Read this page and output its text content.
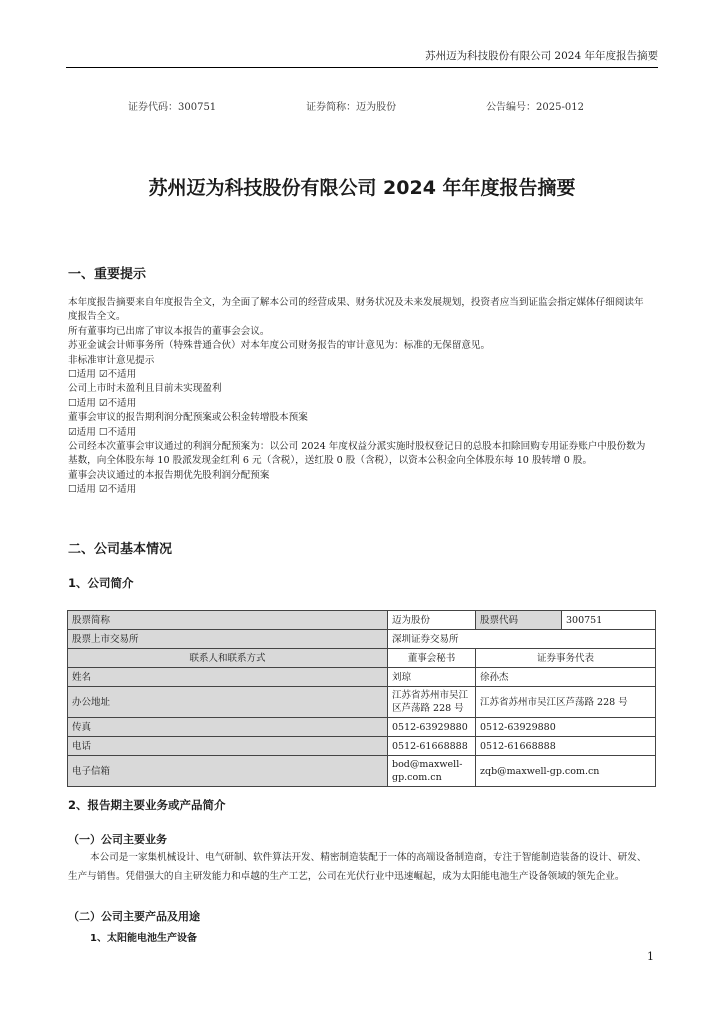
苏州迈为科技股份有限公司 2024 年年度报告摘要
证券代码：300751	证券简称：迈为股份	公告编号：2025-012
苏州迈为科技股份有限公司 2024 年年度报告摘要
一、重要提示

本年度报告摘要来自年度报告全文，为全面了解本公司的经营成果、财务状况及未来发展规划，投资者应当到证监会指定媒体仔细阅读年度报告全文。

所有董事均已出席了审议本报告的董事会会议。

苏亚金诚会计师事务所（特殊普通合伙）对本年度公司财务报告的审计意见为：标准的无保留意见。

非标准审计意见提示

☐适用 ☑不适用

公司上市时未盈利且目前未实现盈利

☐适用 ☑不适用

董事会审议的报告期利润分配预案或公积金转增股本预案

☑适用 ☐不适用

公司经本次董事会审议通过的利润分配预案为：以公司 2024 年度权益分派实施时股权登记日的总股本扣除回购专用证券账户中股份数为基数，向全体股东每 10 股派发现金红利 6 元（含税），送红股 0 股（含税），以资本公积金向全体股东每 10 股转增 0 股。

董事会决议通过的本报告期优先股利润分配预案

☐适用 ☑不适用

二、公司基本情况
1、公司简介
股票简称	迈为股份	股票代码	300751
股票上市交易所	深圳证券交易所		
联系人和联系方式	董事会秘书	证券事务代表	
姓名	刘琼	徐孙杰	
办公地址	江苏省苏州市吴江区芦荡路 228 号	江苏省苏州市吴江区芦荡路 228 号	
传真	0512-63929880	0512-63929880	
电话	0512-61668888	0512-61668888	
电子信箱	bod@maxwell-gp.com.cn	zqb@maxwell-gp.com.cn	
2、报告期主要业务或产品简介
（一）公司主要业务
本公司是一家集机械设计、电气研制、软件算法开发、精密制造装配于一体的高端设备制造商，专注于智能制造装备的设计、研发、生产与销售。凭借强大的自主研发能力和卓越的生产工艺，公司在光伏行业中迅速崛起，成为太阳能电池生产设备领域的领先企业。
（二）公司主要产品及用途
1、太阳能电池生产设备
1
